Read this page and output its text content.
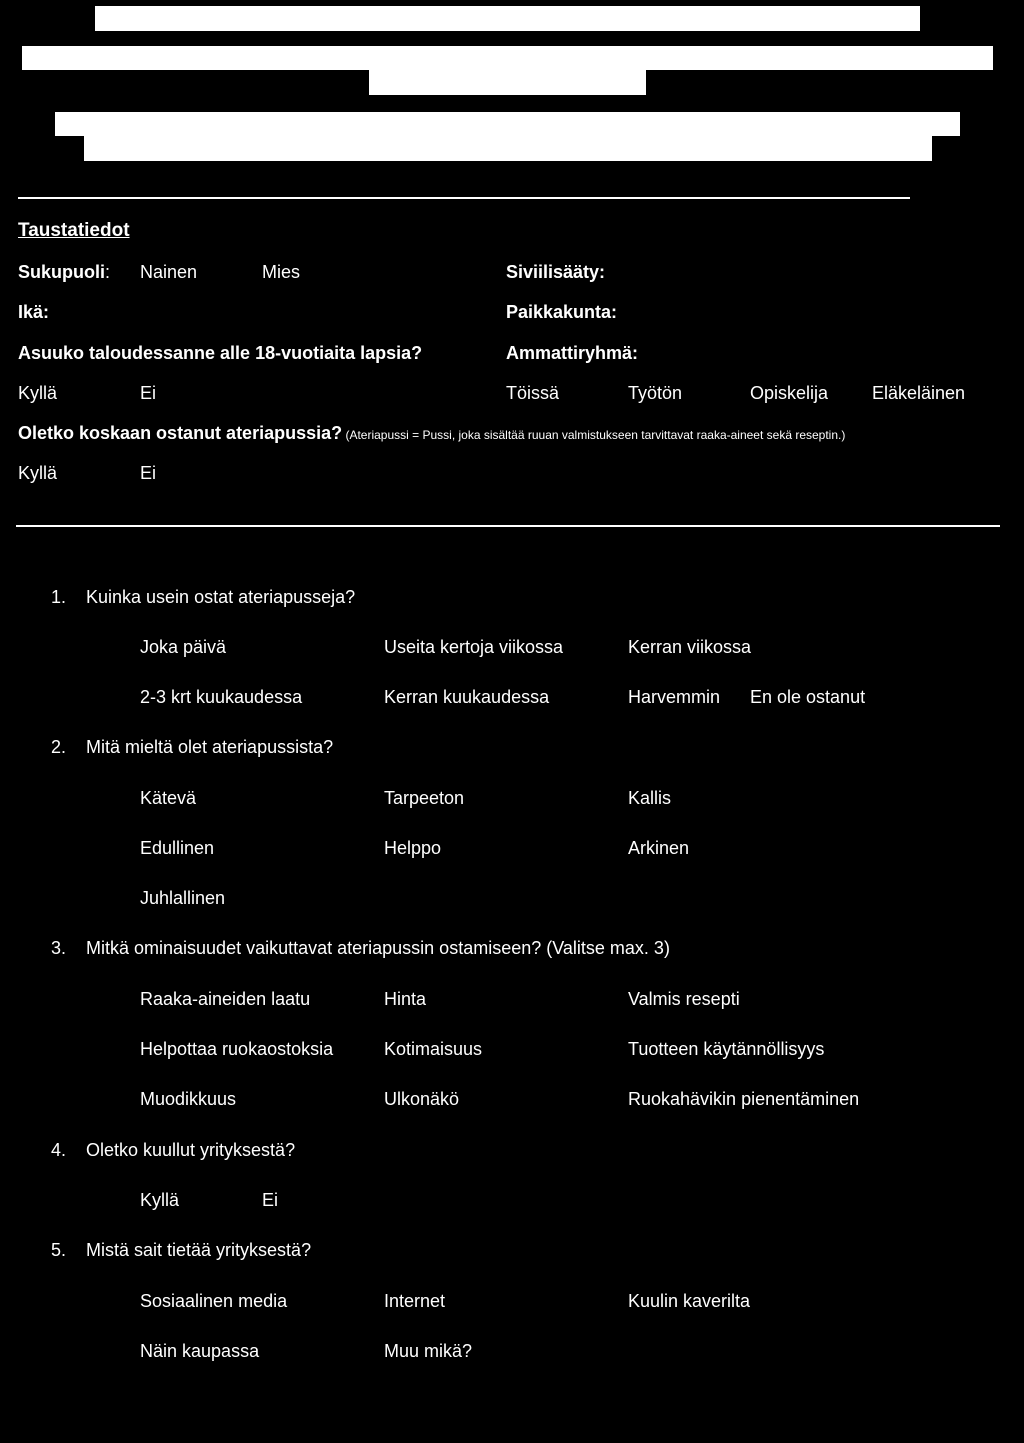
Taustatiedot
Sukupuoli: Nainen	Mies	Siviilisääty:
Ikä:	Paikkakunta:
Asuuko taloudessanne alle 18-vuotiaita lapsia?	Ammattiryhmä:
Kyllä	Ei	Töissä	Työtön	Opiskelija Eläkeläinen
Oletko koskaan ostanut ateriapussia? (Ateriapussi = Pussi, joka sisältää ruuan valmistukseen tarvittavat raaka-aineet sekä reseptin.)
Kyllä	Ei
1. Kuinka usein ostat ateriapusseja?
Joka päivä	Useita kertoja viikossa	Kerran viikossa
2-3 krt kuukaudessa	Kerran kuukaudessa	Harvemmin En ole ostanut
2. Mitä mieltä olet ateriapussista?
Kätevä	Tarpeeton	Kallis
Edullinen	Helppo	Arkinen
Juhlallinen
3. Mitkä ominaisuudet vaikuttavat ateriapussin ostamiseen? (Valitse max. 3)
Raaka-aineiden laatu	Hinta	Valmis resepti
Helpottaa ruokaostoksia	Kotimaisuus	Tuotteen käytännöllisyys
Muodikkuus	Ulkonäkö	Ruokahävikin pienentäminen
4. Oletko kuullut yrityksestä?
Kyllä	Ei
5. Mistä sait tietää yrityksestä?
Sosiaalinen media	Internet	Kuulin kaverilta
Näin kaupassa	Muu mikä?
